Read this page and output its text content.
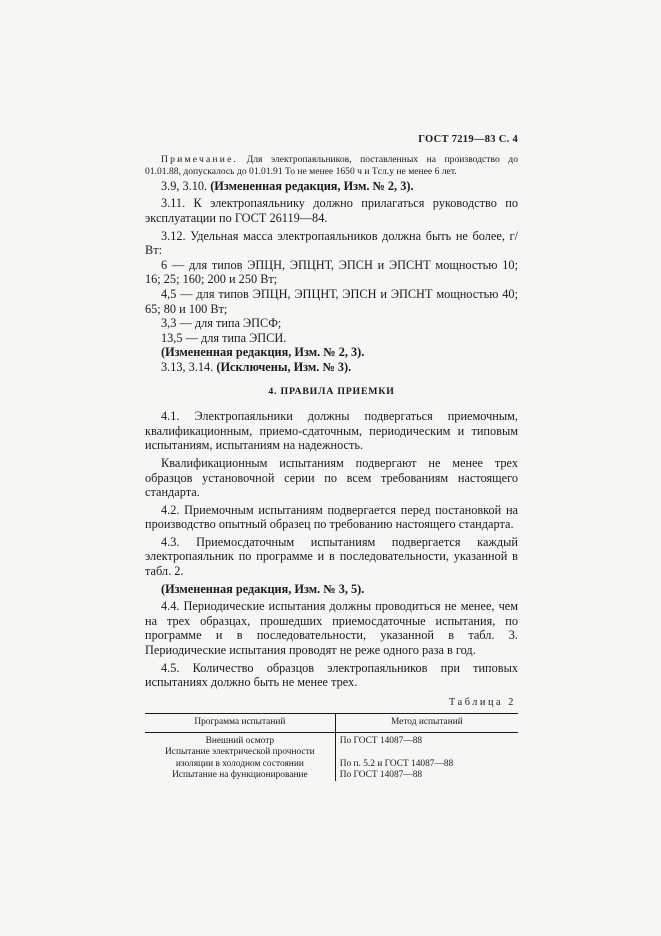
ГОСТ 7219—83 С. 4

Примечание. Для электропаяльников, поставленных на производство до 01.01.88, допускалось до 01.01.91 To не менее 1650 ч и Tсл.у не менее 6 лет.

3.9, 3.10. (Измененная редакция, Изм. № 2, 3).

3.11. К электропаяльнику должно прилагаться руководство по эксплуатации по ГОСТ 26119—84.

3.12. Удельная масса электропаяльников должна быть не более, г/Вт:

6 — для типов ЭПЦН, ЭПЦНТ, ЭПСН и ЭПСНТ мощностью 10; 16; 25; 160; 200 и 250 Вт;

4,5 — для типов ЭПЦН, ЭПЦНТ, ЭПСН и ЭПСНТ мощностью 40; 65; 80 и 100 Вт;

3,3 — для типа ЭПСФ;

13,5 — для типа ЭПСИ.

(Измененная редакция, Изм. № 2, 3).

3.13, 3.14. (Исключены, Изм. № 3).

4. ПРАВИЛА ПРИЕМКИ

4.1. Электропаяльники должны подвергаться приемочным, квалификационным, приемо-сдаточным, периодическим и типовым испытаниям, испытаниям на надежность.

Квалификационным испытаниям подвергают не менее трех образцов установочной серии по всем требованиям настоящего стандарта.

4.2. Приемочным испытаниям подвергается перед постановкой на производство опытный образец по требованию настоящего стандарта.

4.3. Приемосдаточным испытаниям подвергается каждый электропаяльник по программе и в последовательности, указанной в табл. 2.

(Измененная редакция, Изм. № 3, 5).

4.4. Периодические испытания должны проводиться не менее, чем на трех образцах, прошедших приемосдаточные испытания, по программе и в последовательности, указанной в табл. 3. Периодические испытания проводят не реже одного раза в год.

4.5. Количество образцов электропаяльников при типовых испытаниях должно быть не менее трех.

Таблица 2
Программа испытаний	Метод испытаний
Внешний осмотр	По ГОСТ 14087—88
Испытание электрической прочности изоляции в холодном состоянии	По п. 5.2 и ГОСТ 14087—88
Испытание на функционирование	По ГОСТ 14087—88
